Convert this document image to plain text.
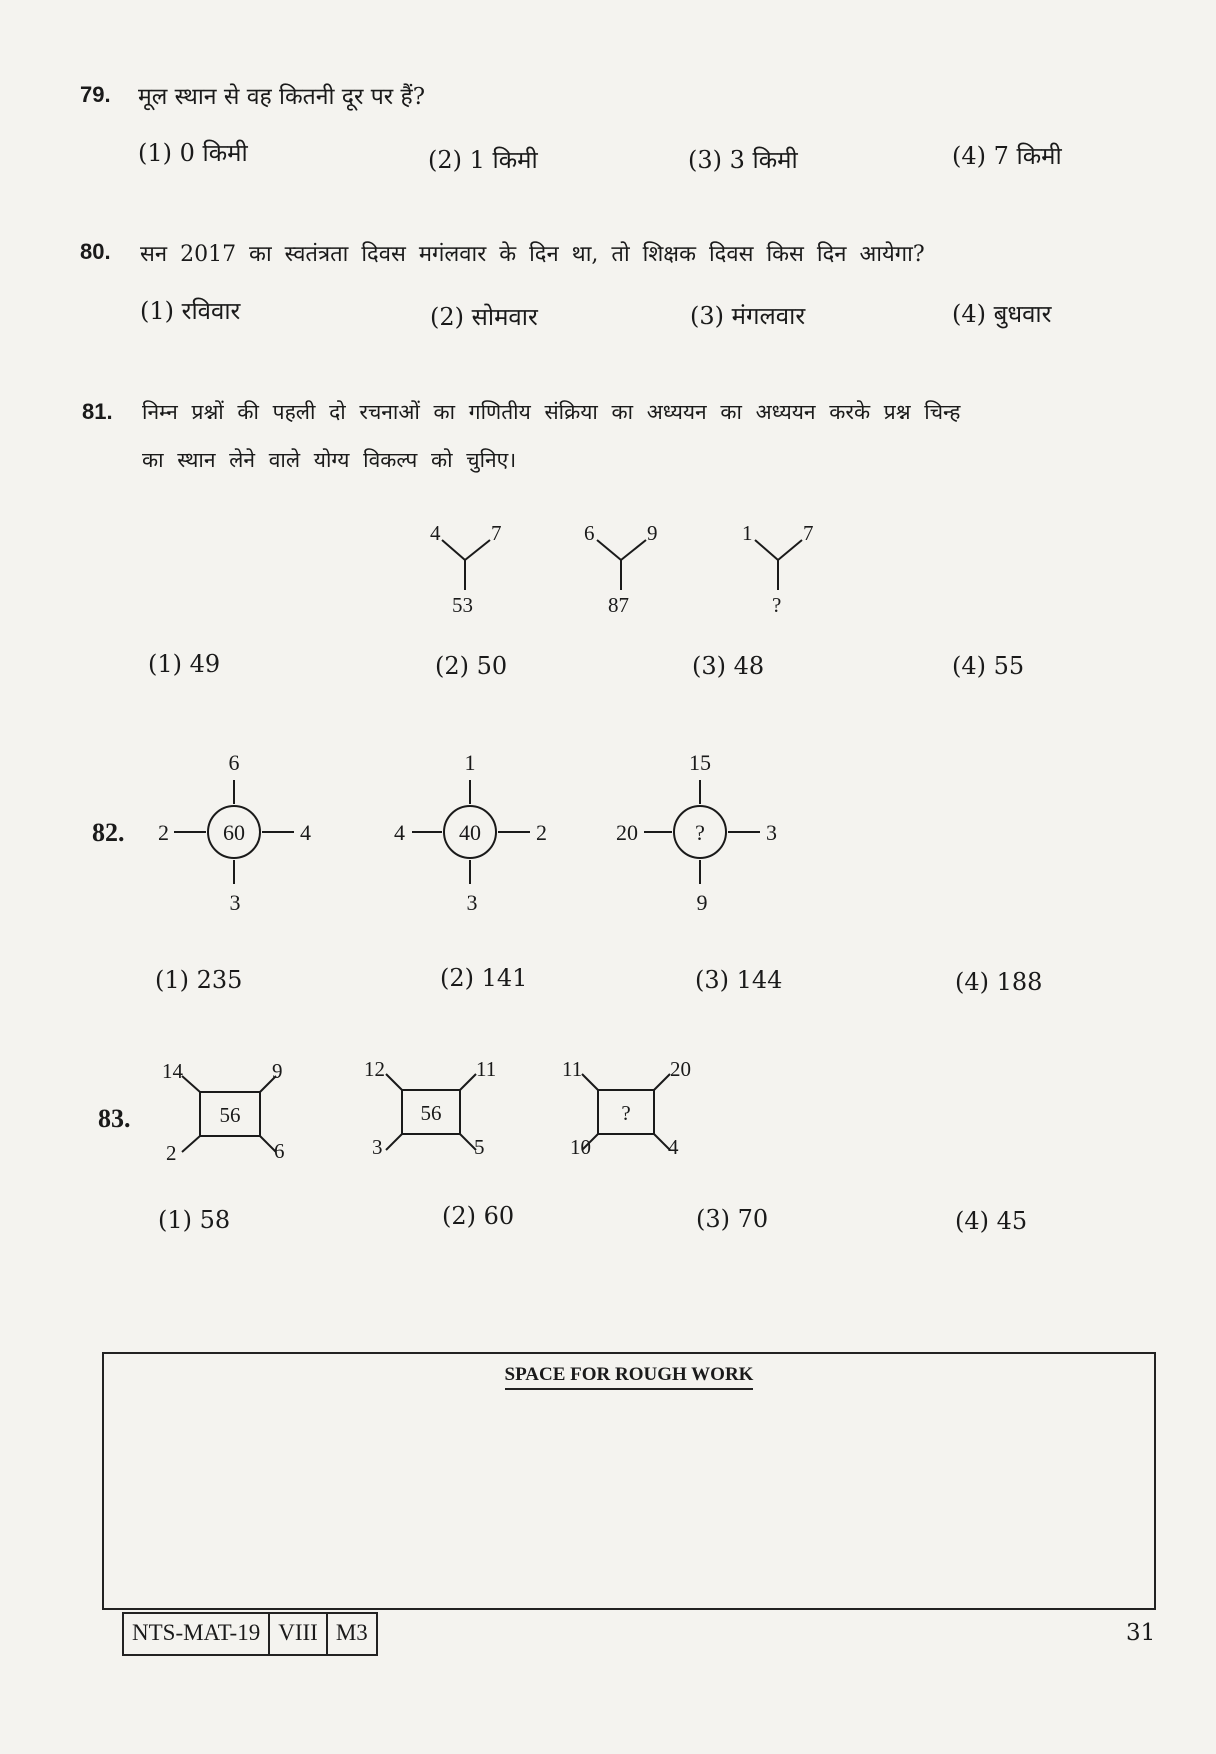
79. मूल स्थान से वह कितनी दूर पर हैं?
(1) 0 किमी	(2) 1 किमी	(3) 3 किमी	(4) 7 किमी
80. सन 2017 का स्वतंत्रता दिवस मगंलवार के दिन था, तो शिक्षक दिवस किस दिन आयेगा?
(1) रविवार	(2) सोमवार	(3) मंगलवार	(4) बुधवार
81. निम्न प्रश्नों की पहली दो रचनाओं का गणितीय संक्रिया का अध्ययन का अध्ययन करके प्रश्न चिन्ह
का स्थान लेने वाले योग्य विकल्प को चुनिए।
4 7
53
6	9
87
1 7
?
(1) 49	(2) 50	(3) 48	(4) 55
82.
6
2 60	4
3
1
4 40	2
3
15
20	?	3
9
(1) 235	(2) 141	(3) 144	(4) 188
83.
14	9
2	6
56
12	11
3	5
56
11	20
10	4
?
(1) 58	(2) 60	(3) 70	(4) 45
SPACE FOR ROUGH WORK
NTS-MAT-19 VIII M3	31
